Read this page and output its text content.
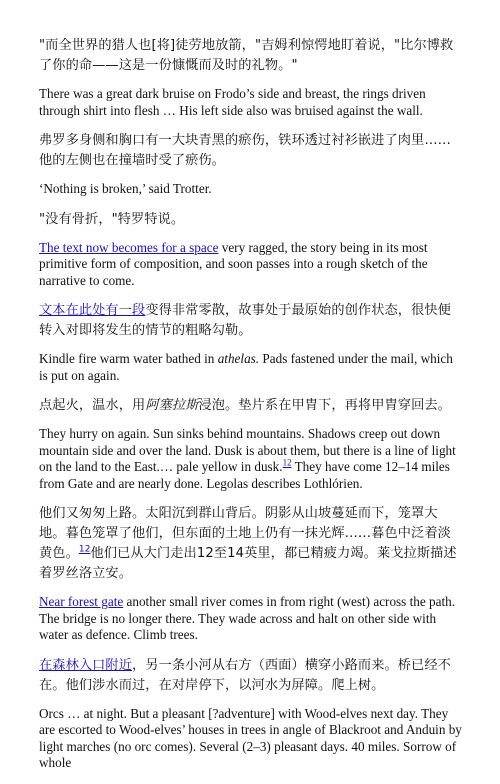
"而全世界的猎人也[将]徒劳地放箭，"吉姆利惊愕地盯着说，"比尔博救了你的命——这是一份慷慨而及时的礼物。"

There was a great dark bruise on Frodo’s side and breast, the rings driven through shirt into flesh … His left side also was bruised against the wall.

弗罗多身侧和胸口有一大块青黑的瘀伤，铁环透过衬衫嵌进了肉里……他的左侧也在撞墙时受了瘀伤。

‘Nothing is broken,’ said Trotter.

"没有骨折，"特罗特说。

The text now becomes for a space very ragged, the story being in its most primitive form of composition, and soon passes into a rough sketch of the narrative to come.

文本在此处有一段变得非常零散，故事处于最原始的创作状态，很快便转入对即将发生的情节的粗略勾勒。

Kindle fire warm water bathed in athelas. Pads fastened under the mail, which is put on again.

点起火，温水，用阿塞拉斯浸泡。垫片系在甲胄下，再将甲胄穿回去。

They hurry on again. Sun sinks behind mountains. Shadows creep out down mountain side and over the land. Dusk is about them, but there is a line of light on the land to the East.… pale yellow in dusk.$^{12}$ They have come 12–14 miles from Gate and are nearly done. Legolas describes Lothlórien.

他们又匆匆上路。太阳沉到群山背后。阴影从山坡蔓延而下，笼罩大地。暮色笼罩了他们，但东面的土地上仍有一抹光辉……暮色中泛着淡黄色。$^{12}$他们已从大门走出12至14英里，都已精疲力竭。莱戈拉斯描述着罗丝洛立安。

Near forest gate another small river comes in from right (west) across the path. The bridge is no longer there. They wade across and halt on other side with water as defence. Climb trees.

在森林入口附近，另一条小河从右方（西面）横穿小路而来。桥已经不在。他们涉水而过，在对岸停下，以河水为屏障。爬上树。

Orcs … at night. But a pleasant [?adventure] with Wood-elves next day. They are escorted to Wood-elves’ houses in trees in angle of Blackroot and Anduin by light marches (no orc comes). Several (2–3) pleasant days. 40 miles. Sorrow of whole
